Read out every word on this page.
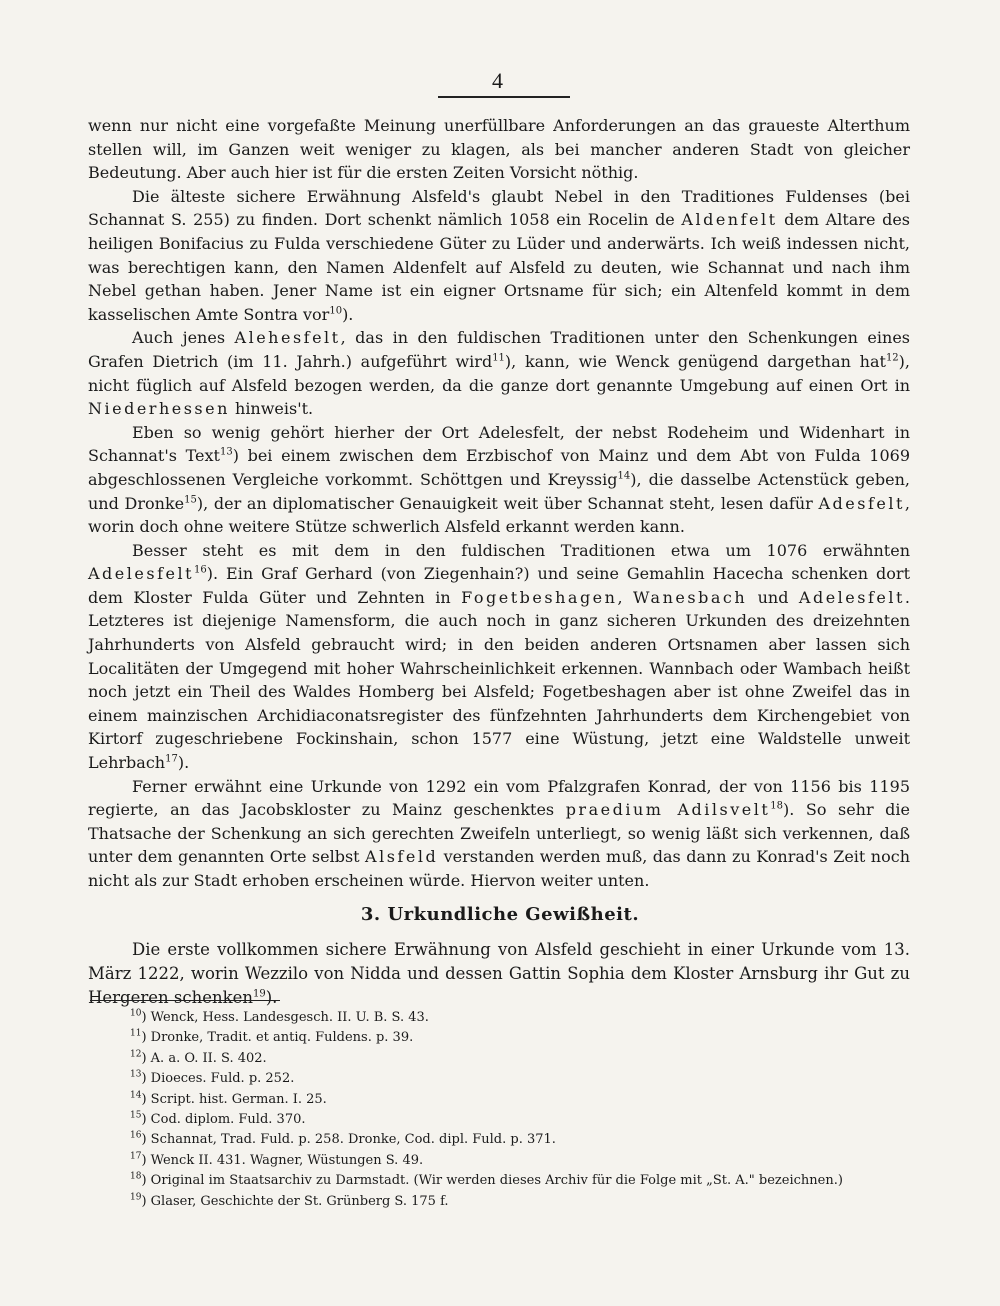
4

wenn nur nicht eine vorgefaßte Meinung unerfüllbare Anforderungen an das graueste Alterthum stellen will, im Ganzen weit weniger zu klagen, als bei mancher anderen Stadt von gleicher Bedeutung. Aber auch hier ist für die ersten Zeiten Vorsicht nöthig.

Die älteste sichere Erwähnung Alsfeld's glaubt Nebel in den Traditiones Fuldenses (bei Schannat S. 255) zu finden. Dort schenkt nämlich 1058 ein Rocelin de Aldenfelt dem Altare des heiligen Bonifacius zu Fulda verschiedene Güter zu Lüder und anderwärts. Ich weiß indessen nicht, was berechtigen kann, den Namen Aldenfelt auf Alsfeld zu deuten, wie Schannat und nach ihm Nebel gethan haben. Jener Name ist ein eigner Ortsname für sich; ein Altenfeld kommt in dem kasselischen Amte Sontra vor$^{10}$).

Auch jenes Alehesfelt, das in den fuldischen Traditionen unter den Schenkungen eines Grafen Dietrich (im 11. Jahrh.) aufgeführt wird$^{11}$), kann, wie Wenck genügend dargethan hat$^{12}$), nicht füglich auf Alsfeld bezogen werden, da die ganze dort genannte Umgebung auf einen Ort in Niederhessen hinweis't.

Eben so wenig gehört hierher der Ort Adelesfelt, der nebst Rodeheim und Widenhart in Schannat's Text$^{13}$) bei einem zwischen dem Erzbischof von Mainz und dem Abt von Fulda 1069 abgeschlossenen Vergleiche vorkommt. Schöttgen und Kreyssig$^{14}$), die dasselbe Actenstück geben, und Dronke$^{15}$), der an diplomatischer Genauigkeit weit über Schannat steht, lesen dafür Adesfelt, worin doch ohne weitere Stütze schwerlich Alsfeld erkannt werden kann.

Besser steht es mit dem in den fuldischen Traditionen etwa um 1076 erwähnten Adelesfelt$^{16}$). Ein Graf Gerhard (von Ziegenhain?) und seine Gemahlin Hacecha schenken dort dem Kloster Fulda Güter und Zehnten in Fogetbeshagen, Wanesbach und Adelesfelt. Letzteres ist diejenige Namensform, die auch noch in ganz sicheren Urkunden des dreizehnten Jahrhunderts von Alsfeld gebraucht wird; in den beiden anderen Ortsnamen aber lassen sich Localitäten der Umgegend mit hoher Wahrscheinlichkeit erkennen. Wannbach oder Wambach heißt noch jetzt ein Theil des Waldes Homberg bei Alsfeld; Fogetbeshagen aber ist ohne Zweifel das in einem mainzischen Archidiaconatsregister des fünfzehnten Jahrhunderts dem Kirchengebiet von Kirtorf zugeschriebene Fockinshain, schon 1577 eine Wüstung, jetzt eine Waldstelle unweit Lehrbach$^{17}$).

Ferner erwähnt eine Urkunde von 1292 ein vom Pfalzgrafen Konrad, der von 1156 bis 1195 regierte, an das Jacobskloster zu Mainz geschenktes praedium Adilsvelt$^{18}$). So sehr die Thatsache der Schenkung an sich gerechten Zweifeln unterliegt, so wenig läßt sich verkennen, daß unter dem genannten Orte selbst Alsfeld verstanden werden muß, das dann zu Konrad's Zeit noch nicht als zur Stadt erhoben erscheinen würde. Hiervon weiter unten.

3. Urkundliche Gewißheit.
Die erste vollkommen sichere Erwähnung von Alsfeld geschieht in einer Urkunde vom 13. März 1222, worin Wezzilo von Nidda und dessen Gattin Sophia dem Kloster Arnsburg ihr Gut zu Hergeren schenken$^{19}$).
$^{10}$) Wenck, Hess. Landesgesch. II. U. B. S. 43.
$^{11}$) Dronke, Tradit. et antiq. Fuldens. p. 39.
$^{12}$) A. a. O. II. S. 402.
$^{13}$) Dioeces. Fuld. p. 252.
$^{14}$) Script. hist. German. I. 25.
$^{15}$) Cod. diplom. Fuld. 370.
$^{16}$) Schannat, Trad. Fuld. p. 258. Dronke, Cod. dipl. Fuld. p. 371.
$^{17}$) Wenck II. 431. Wagner, Wüstungen S. 49.
$^{18}$) Original im Staatsarchiv zu Darmstadt. (Wir werden dieses Archiv für die Folge mit „St. A." bezeichnen.)
$^{19}$) Glaser, Geschichte der St. Grünberg S. 175 f.
